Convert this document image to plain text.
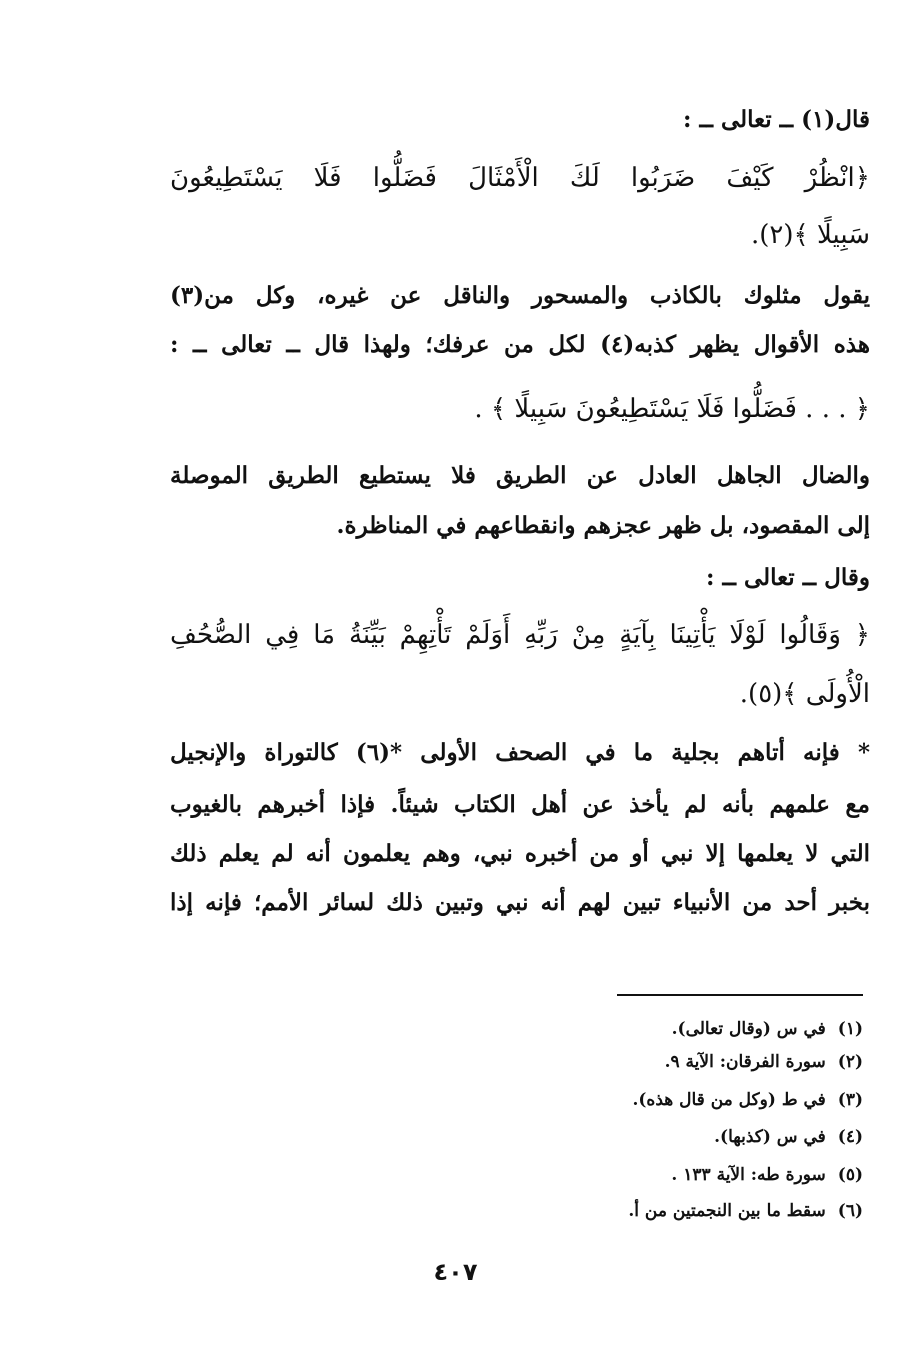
قال(١) ــ تعالى ــ :
﴿انْظُرْ كَيْفَ ضَرَبُوا لَكَ الْأَمْثَالَ فَضَلُّوا فَلَا يَسْتَطِيعُونَ
سَبِيلًا ﴾(٢).
يقول مثلوك بالكاذب والمسحور والناقل عن غيره، وكل من(٣)
هذه الأقوال يظهر كذبه(٤) لكل من عرفك؛ ولهذا قال ــ تعالى ــ :
﴿ . . . فَضَلُّوا فَلَا يَسْتَطِيعُونَ سَبِيلًا ﴾ .
والضال الجاهل العادل عن الطريق فلا يستطيع الطريق الموصلة
إلى المقصود، بل ظهر عجزهم وانقطاعهم في المناظرة.
وقال ــ تعالى ــ :
﴿ وَقَالُوا لَوْلَا يَأْتِينَا بِآيَةٍ مِنْ رَبِّهِ أَوَلَمْ تَأْتِهِمْ بَيِّنَةُ مَا فِي الصُّحُفِ
الْأُولَى ﴾(٥).
* فإنه أتاهم بجلية ما في الصحف الأولى *(٦) كالتوراة والإنجيل
مع علمهم بأنه لم يأخذ عن أهل الكتاب شيئاً. فإذا أخبرهم بالغيوب
التي لا يعلمها إلا نبي أو من أخبره نبي، وهم يعلمون أنه لم يعلم ذلك
بخبر أحد من الأنبياء تبين لهم أنه نبي وتبين ذلك لسائر الأمم؛ فإنه إذا
(١)في س (وقال تعالى).
(٢)سورة الفرقان: الآية ٩.
(٣)في ط (وكل من قال هذه).
(٤)في س (كذبها).
(٥)سورة طه: الآية ١٣٣ .
(٦)سقط ما بين النجمتين من أ.
٤٠٧
